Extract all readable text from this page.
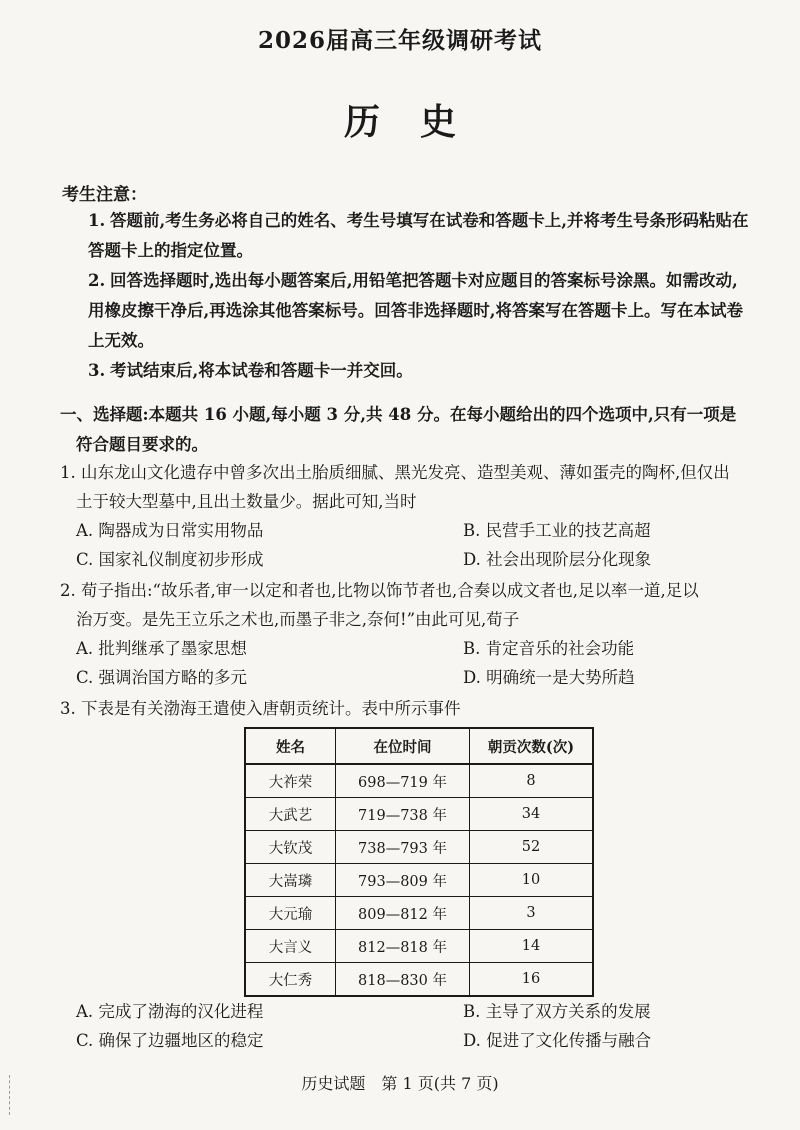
2026届高三年级调研考试
历史
考生注意：

1. 答题前,考生务必将自己的姓名、考生号填写在试卷和答题卡上,并将考生号条形码粘贴在答题卡上的指定位置。

2. 回答选择题时,选出每小题答案后,用铅笔把答题卡对应题目的答案标号涂黑。如需改动,用橡皮擦干净后,再选涂其他答案标号。回答非选择题时,将答案写在答题卡上。写在本试卷上无效。

3. 考试结束后,将本试卷和答题卡一并交回。

一、选择题:本题共 16 小题,每小题 3 分,共 48 分。在每小题给出的四个选项中,只有一项是
符合题目要求的。
1. 山东龙山文化遗存中曾多次出土胎质细腻、黑光发亮、造型美观、薄如蛋壳的陶杯,但仅出
土于较大型墓中,且出土数量少。据此可知,当时
A. 陶器成为日常实用物品	B. 民营手工业的技艺高超
C. 国家礼仪制度初步形成	D. 社会出现阶层分化现象
2. 荀子指出:“故乐者,审一以定和者也,比物以饰节者也,合奏以成文者也,足以率一道,足以
治万变。是先王立乐之术也,而墨子非之,奈何!”由此可见,荀子
A. 批判继承了墨家思想	B. 肯定音乐的社会功能
C. 强调治国方略的多元	D. 明确统一是大势所趋
3. 下表是有关渤海王遣使入唐朝贡统计。表中所示事件
姓名	在位时间	朝贡次数(次)
大祚荣	698—719 年	8
大武艺	719—738 年	34
大钦茂	738—793 年	52
大嵩璘	793—809 年	10
大元瑜	809—812 年	3
大言义	812—818 年	14
大仁秀	818—830 年	16
A. 完成了渤海的汉化进程	B. 主导了双方关系的发展
C. 确保了边疆地区的稳定	D. 促进了文化传播与融合
历史试题　第 1 页(共 7 页)
